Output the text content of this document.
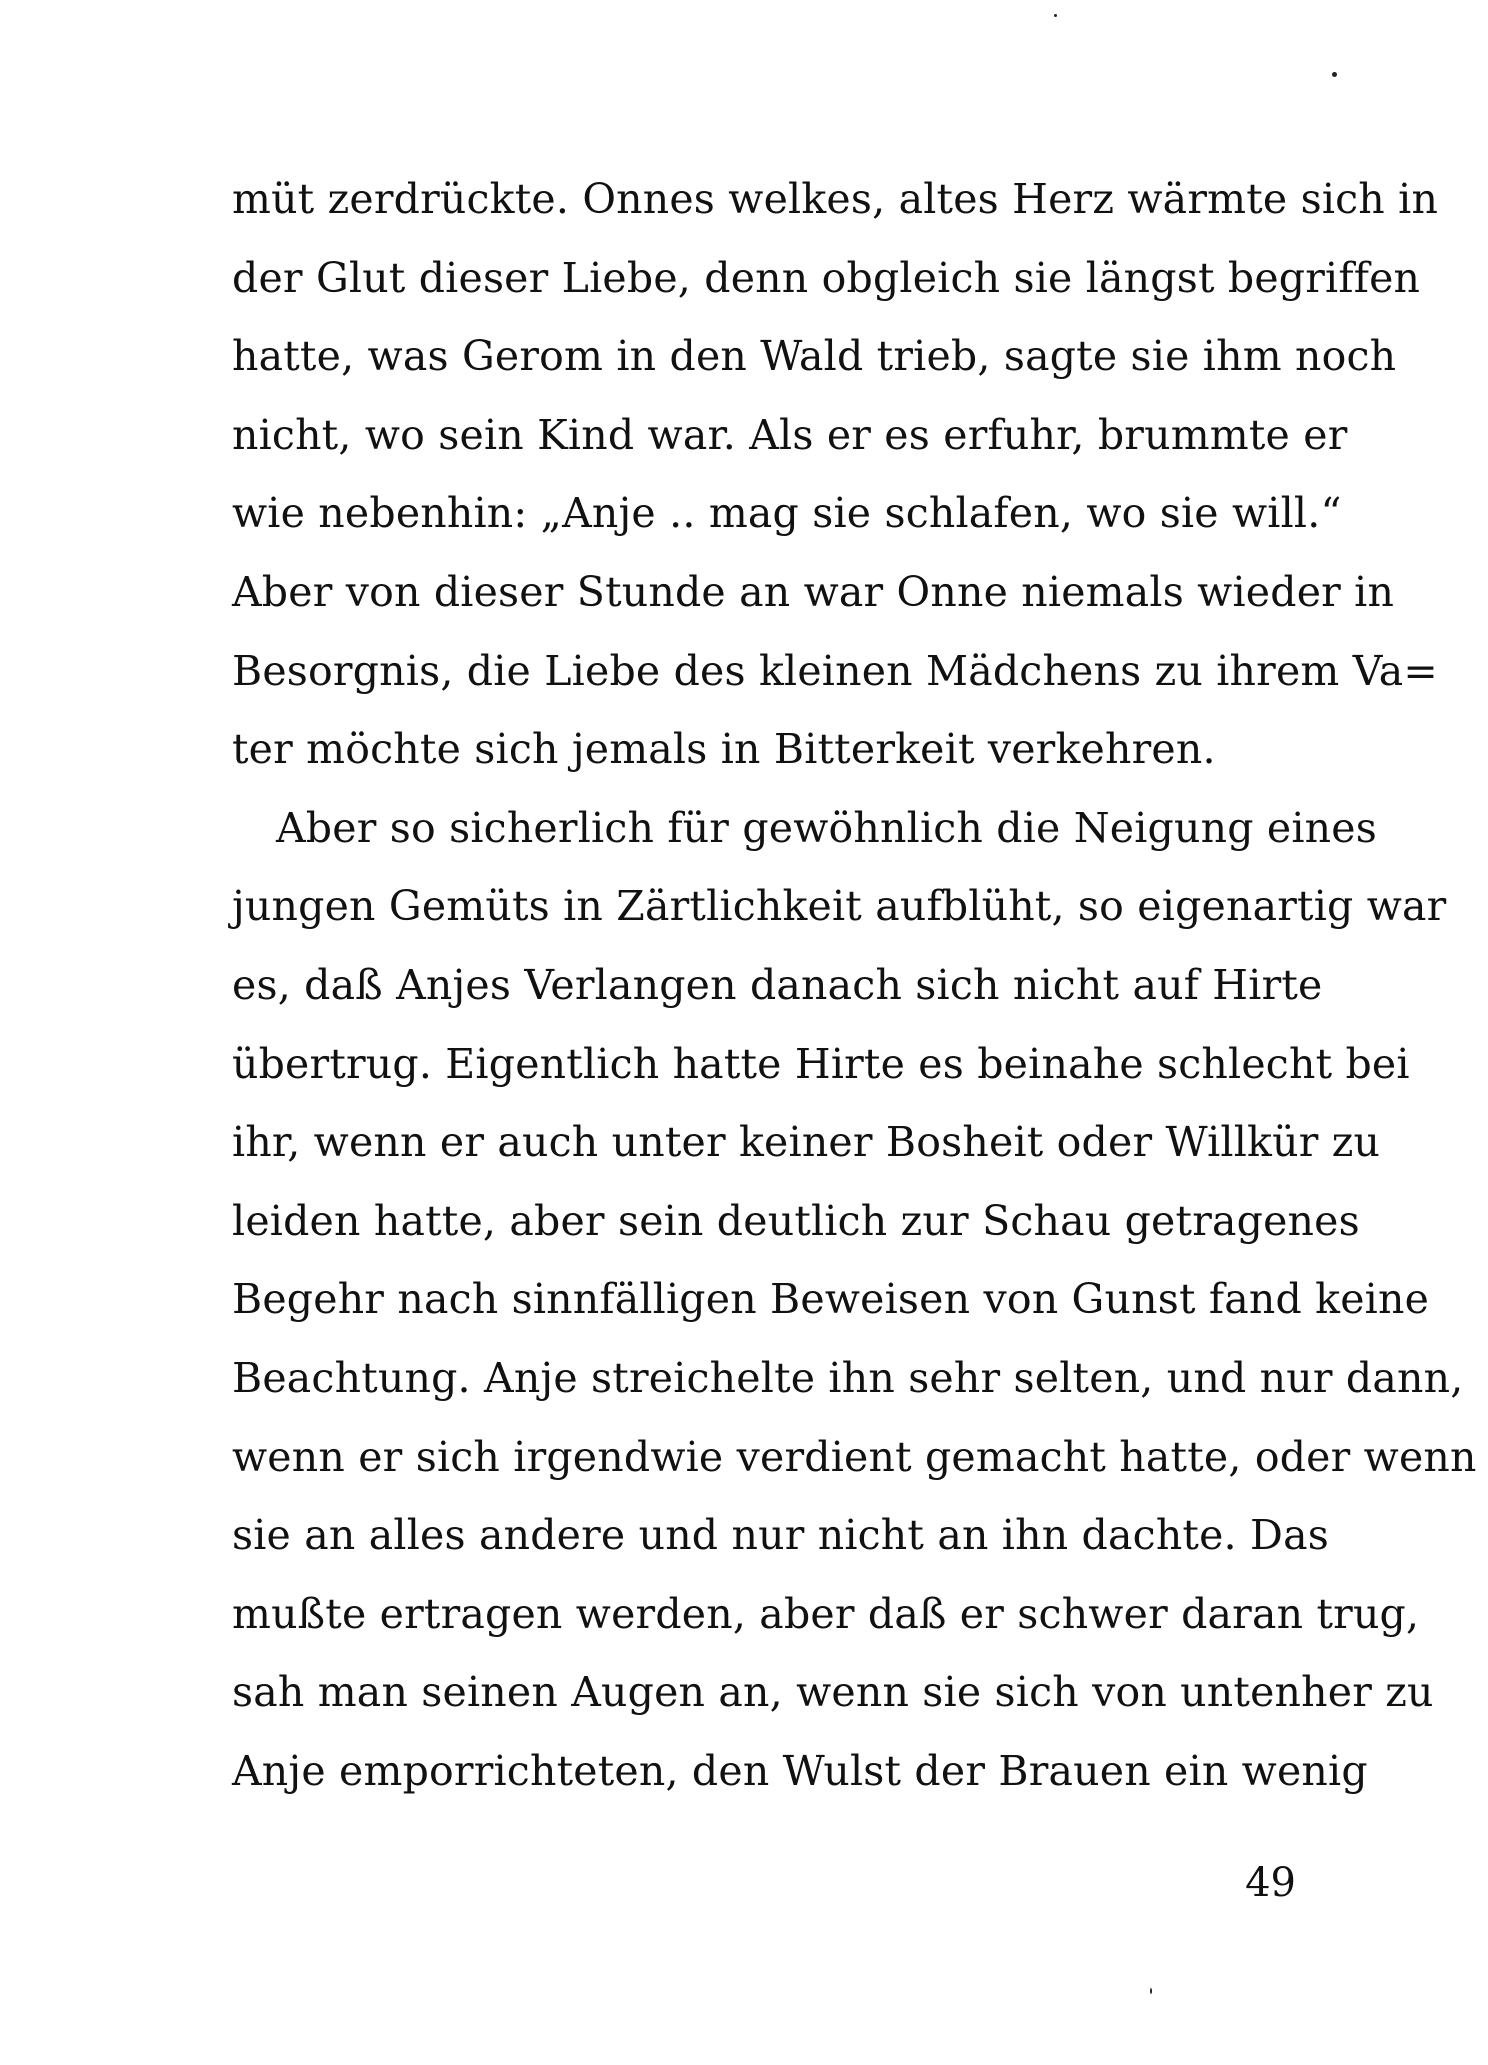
müt zerdrückte. Onnes welkes, altes Herz wärmte sich in
der Glut dieser Liebe, denn obgleich sie längst begriffen
hatte, was Gerom in den Wald trieb, sagte sie ihm noch
nicht, wo sein Kind war. Als er es erfuhr, brummte er
wie nebenhin: „Anje .. mag sie schlafen, wo sie will.“
Aber von dieser Stunde an war Onne niemals wieder in
Besorgnis, die Liebe des kleinen Mädchens zu ihrem Va=
ter möchte sich jemals in Bitterkeit verkehren.
Aber so sicherlich für gewöhnlich die Neigung eines
jungen Gemüts in Zärtlichkeit aufblüht, so eigenartig war
es, daß Anjes Verlangen danach sich nicht auf Hirte
übertrug. Eigentlich hatte Hirte es beinahe schlecht bei
ihr, wenn er auch unter keiner Bosheit oder Willkür zu
leiden hatte, aber sein deutlich zur Schau getragenes
Begehr nach sinnfälligen Beweisen von Gunst fand keine
Beachtung. Anje streichelte ihn sehr selten, und nur dann,
wenn er sich irgendwie verdient gemacht hatte, oder wenn
sie an alles andere und nur nicht an ihn dachte. Das
mußte ertragen werden, aber daß er schwer daran trug,
sah man seinen Augen an, wenn sie sich von untenher zu
Anje emporrichteten, den Wulst der Brauen ein wenig
49
